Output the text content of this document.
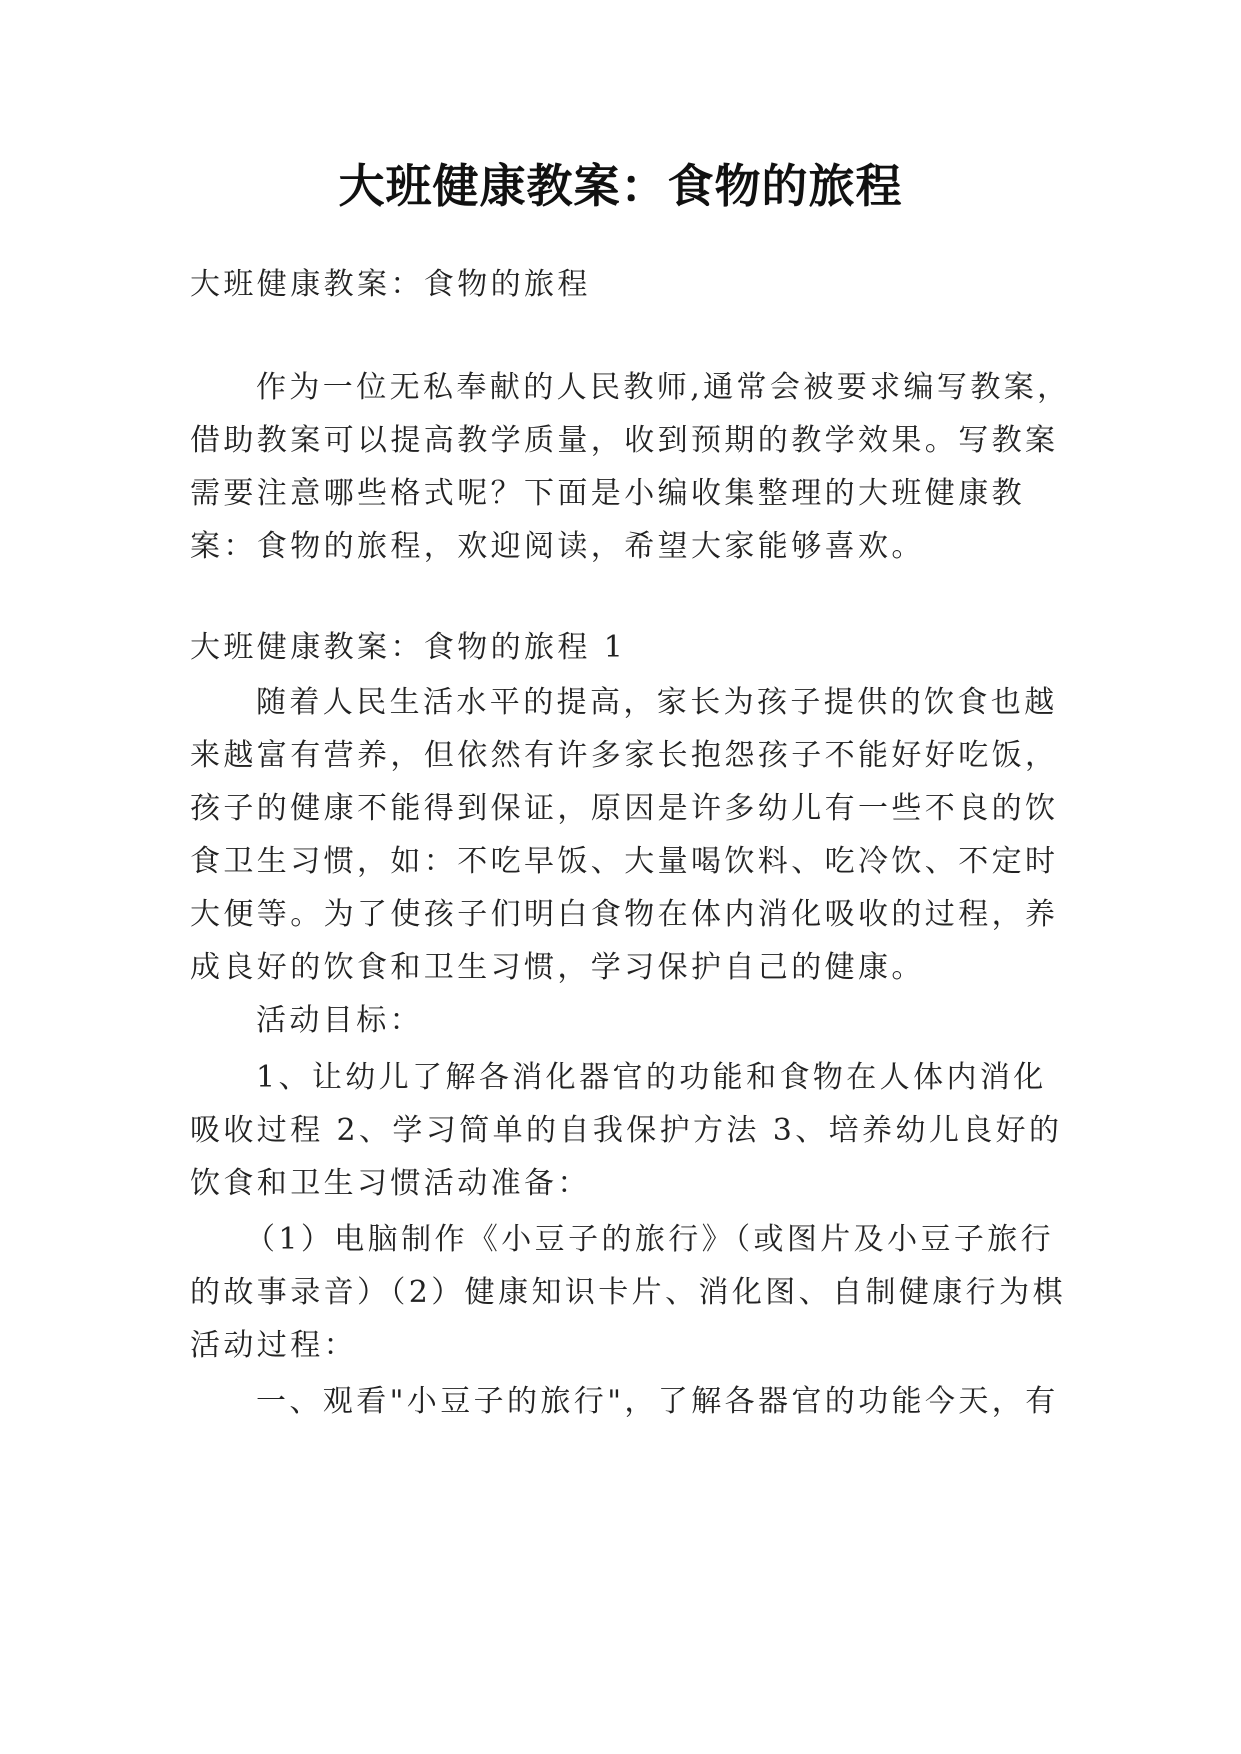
大班健康教案：食物的旅程
大班健康教案：食物的旅程
作为一位无私奉献的人民教师,通常会被要求编写教案，
借助教案可以提高教学质量，收到预期的教学效果。写教案
需要注意哪些格式呢？下面是小编收集整理的大班健康教
案：食物的旅程，欢迎阅读，希望大家能够喜欢。
大班健康教案：食物的旅程 1
随着人民生活水平的提高，家长为孩子提供的饮食也越
来越富有营养，但依然有许多家长抱怨孩子不能好好吃饭，
孩子的健康不能得到保证，原因是许多幼儿有一些不良的饮
食卫生习惯，如：不吃早饭、大量喝饮料、吃冷饮、不定时
大便等。为了使孩子们明白食物在体内消化吸收的过程，养
成良好的饮食和卫生习惯，学习保护自己的健康。
活动目标：
1、让幼儿了解各消化器官的功能和食物在人体内消化
吸收过程 2、学习简单的自我保护方法 3、培养幼儿良好的
饮食和卫生习惯活动准备：
（1）电脑制作《小豆子的旅行》（或图片及小豆子旅行
的故事录音）（2）健康知识卡片、消化图、自制健康行为棋
活动过程：
一、观看"小豆子的旅行"，了解各器官的功能今天，有
